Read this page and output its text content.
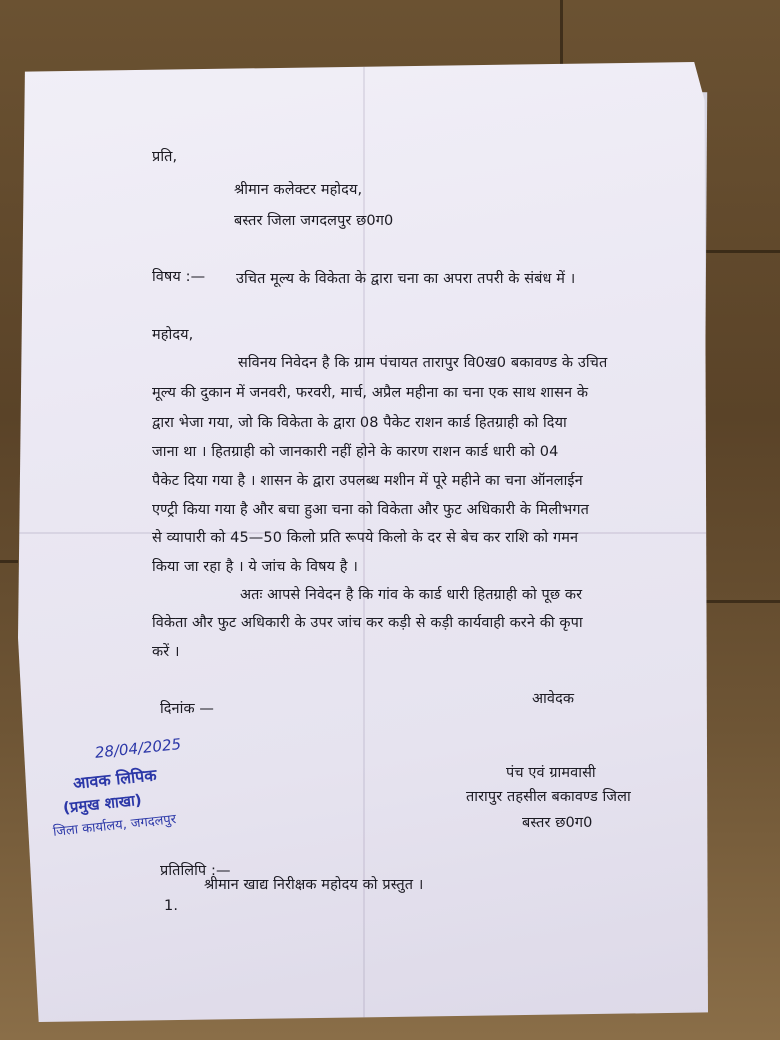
प्रति,
श्रीमान कलेक्टर महोदय,
बस्तर जिला जगदलपुर छ0ग0
विषय :— उचित मूल्य के विकेता के द्वारा चना का अपरा तपरी के संबंध में ।
महोदय,
सविनय निवेदन है कि ग्राम पंचायत तारापुर वि0ख0 बकावण्ड के उचित
मूल्य की दुकान में जनवरी, फरवरी, मार्च, अप्रैल महीना का चना एक साथ शासन के
द्वारा भेजा गया, जो कि विकेता के द्वारा 08 पैकेट राशन कार्ड हितग्राही को दिया
जाना था । हितग्राही को जानकारी नहीं होने के कारण राशन कार्ड धारी को 04
पैकेट दिया गया है । शासन के द्वारा उपलब्ध मशीन में पूरे महीने का चना ऑनलाईन
एण्ट्री किया गया है और बचा हुआ चना को विकेता और फुट अधिकारी के मिलीभगत
से व्यापारी को 45—50 किलो प्रति रूपये किलो के दर से बेच कर राशि को गमन
किया जा रहा है । ये जांच के विषय है ।
अतः आपसे निवेदन है कि गांव के कार्ड धारी हितग्राही को पूछ कर
विकेता और फुट अधिकारी के उपर जांच कर कड़ी से कड़ी कार्यवाही करने की कृपा
करें ।
आवेदक
दिनांक —
पंच एवं ग्रामवासी
तारापुर तहसील बकावण्ड जिला
बस्तर छ0ग0
प्रतिलिपि :—
1.
श्रीमान खाद्य निरीक्षक महोदय को प्रस्तुत ।
28/04/2025
आवक लिपिक
(प्रमुख शाखा)
जिला कार्यालय, जगदलपुर
